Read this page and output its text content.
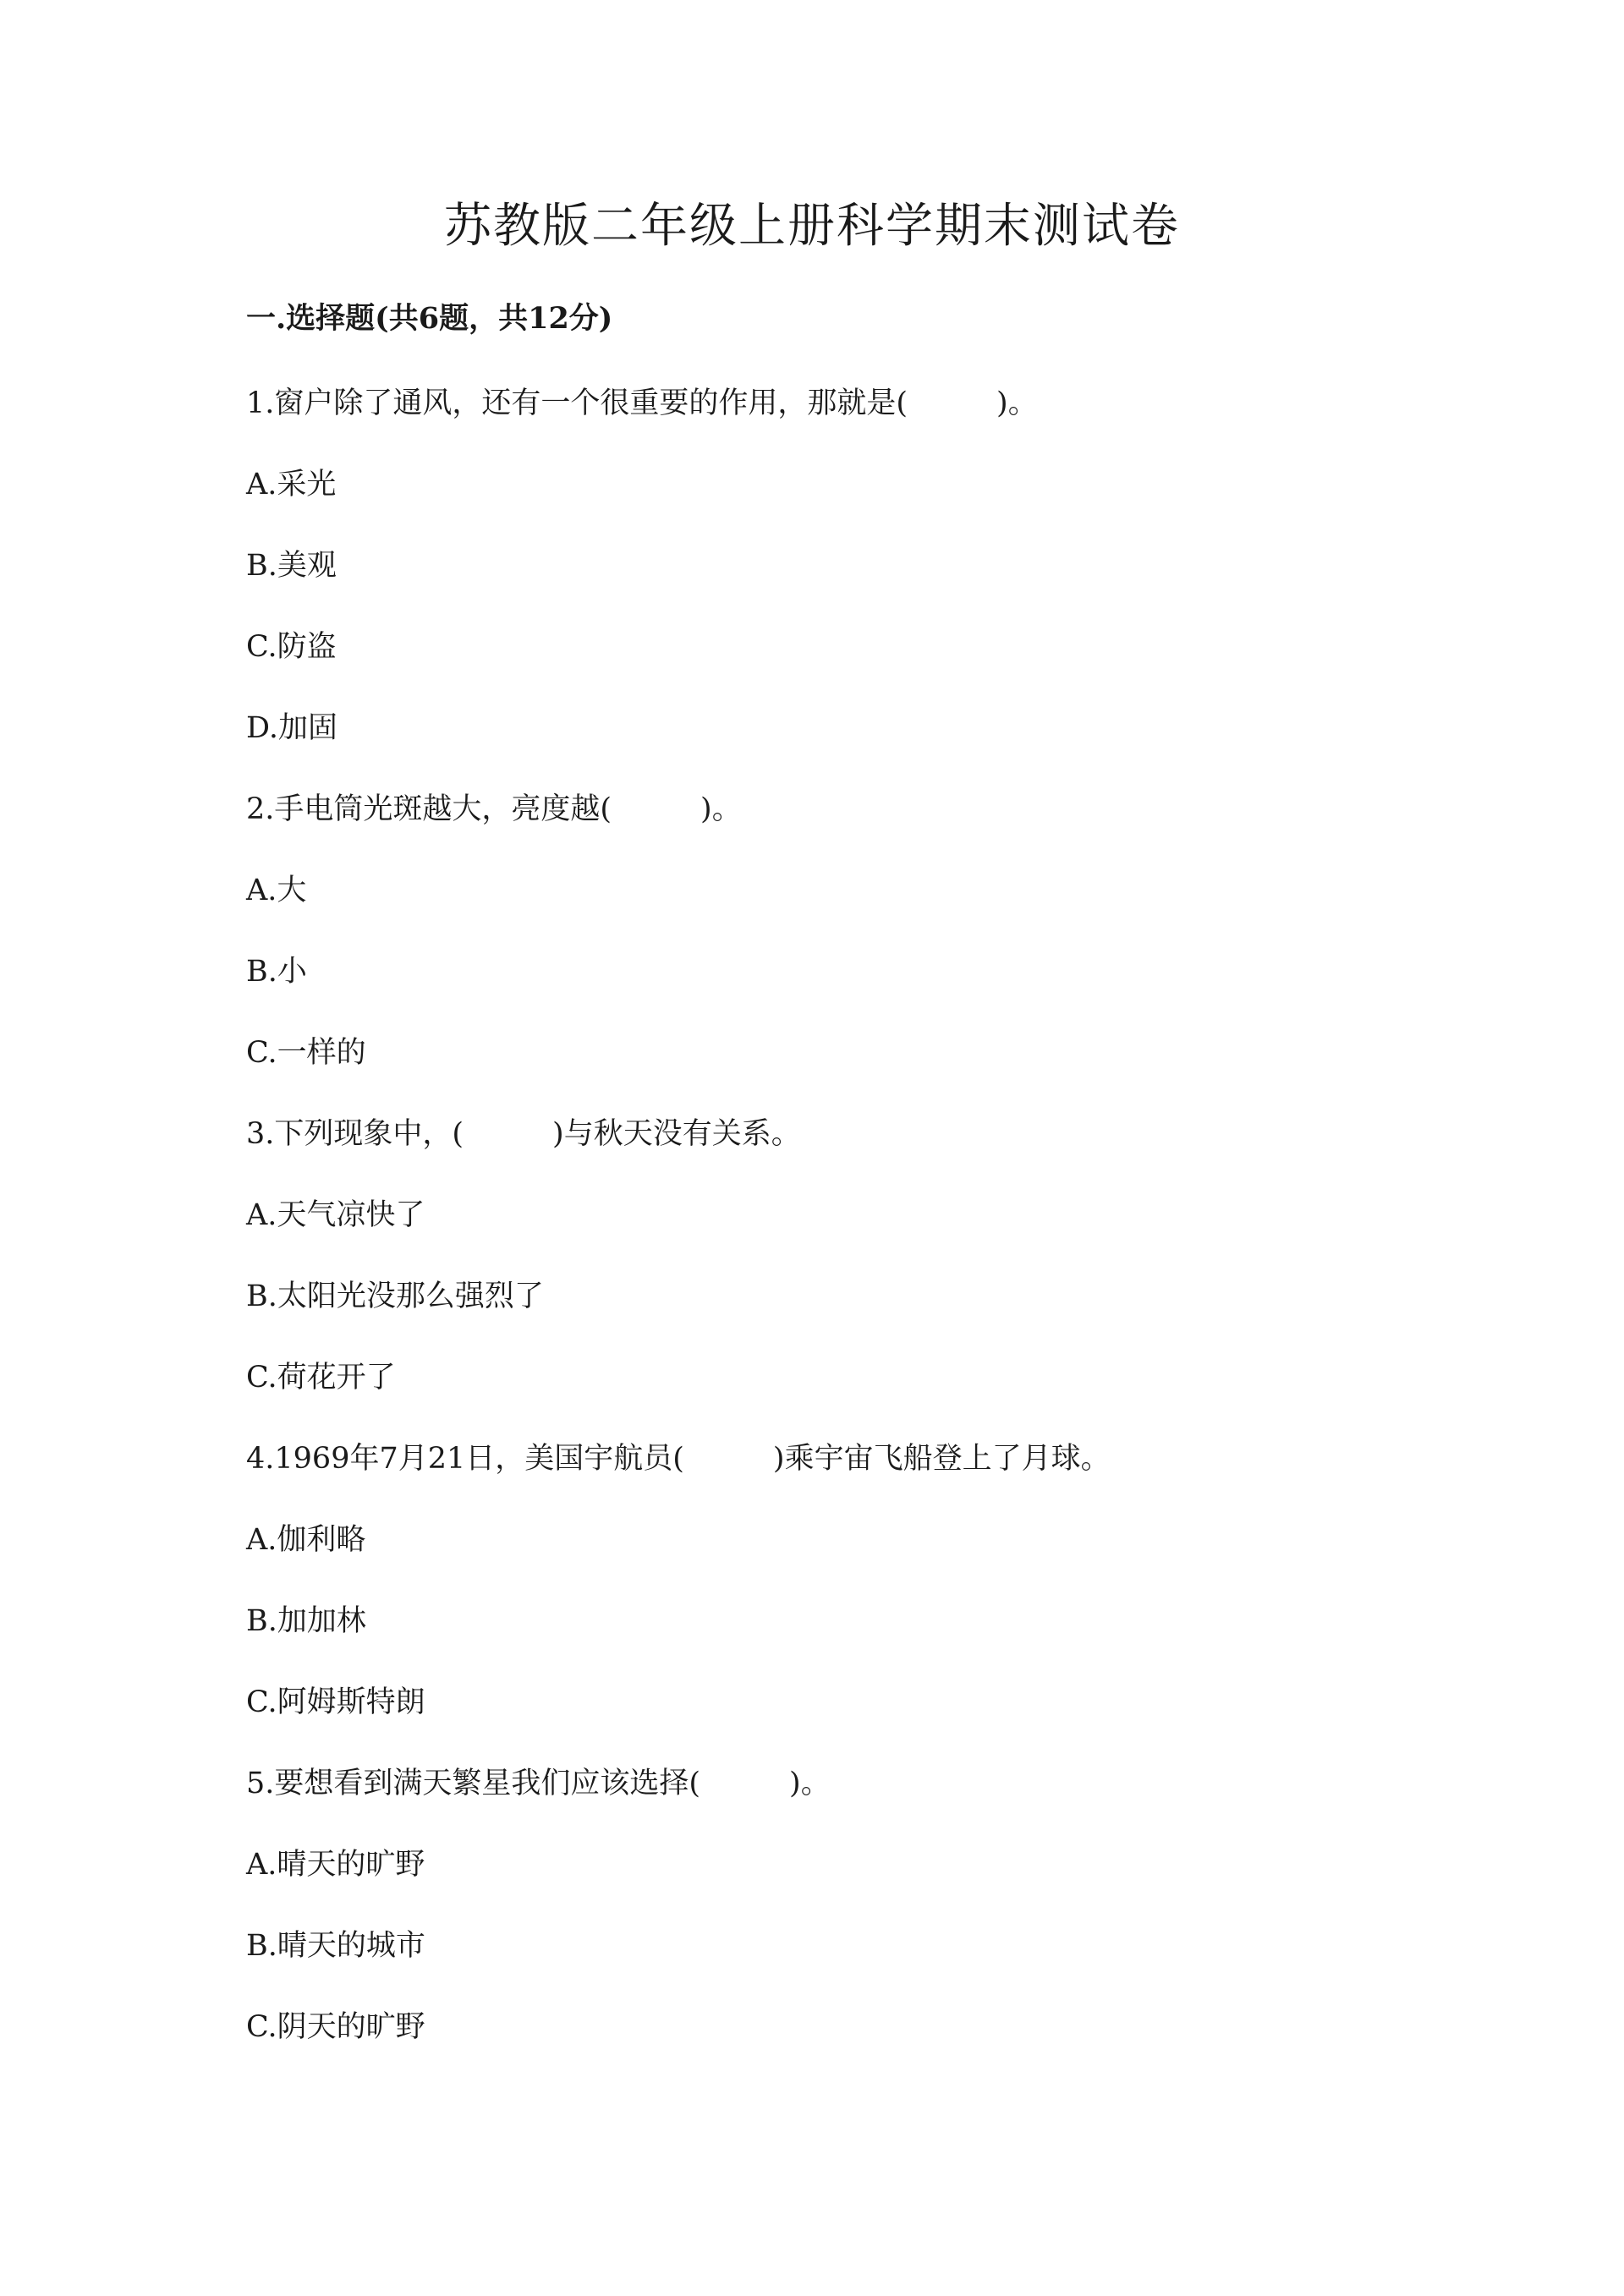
苏教版二年级上册科学期末测试卷
一.选择题(共6题，共12分)
1.窗户除了通风，还有一个很重要的作用，那就是(　　　)。
A.采光
B.美观
C.防盗
D.加固
2.手电筒光斑越大，亮度越(　　　)。
A.大
B.小
C.一样的
3.下列现象中，(　　　)与秋天没有关系。
A.天气凉快了
B.太阳光没那么强烈了
C.荷花开了
4.1969年7月21日，美国宇航员(　　　)乘宇宙飞船登上了月球。
A.伽利略
B.加加林
C.阿姆斯特朗
5.要想看到满天繁星我们应该选择(　　　)。
A.晴天的旷野
B.晴天的城市
C.阴天的旷野
